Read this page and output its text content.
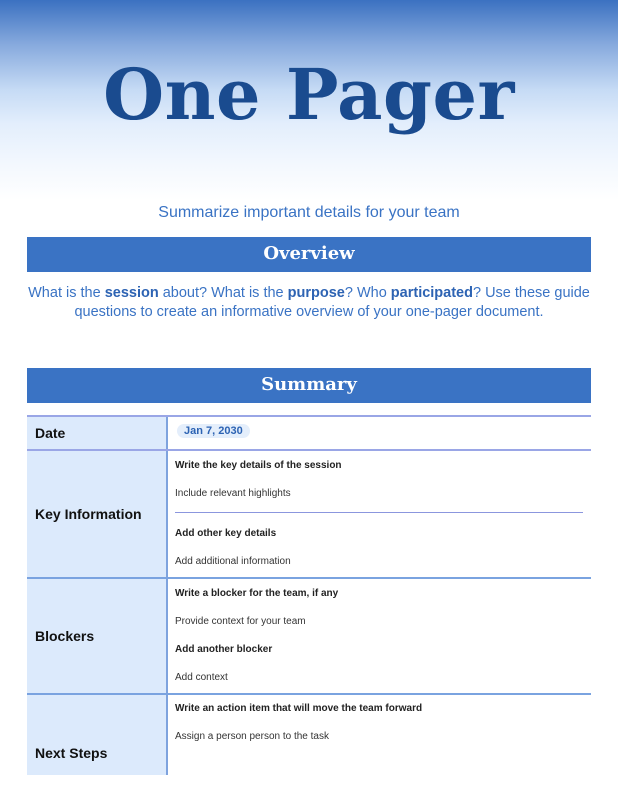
One Pager
Summarize important details for your team
Overview

What is the session about? What is the purpose? Who participated? Use these guide questions to create an informative overview of your one-pager document.

Summary
Date	Jan 7, 2030
Key Information
Write the key details of the session
Include relevant highlights
Add other key details
Add additional information
Blockers
Write a blocker for the team, if any
Provide context for your team
Add another blocker
Add context
Next Steps
Write an action item that will move the team forward
Assign a person person to the task
